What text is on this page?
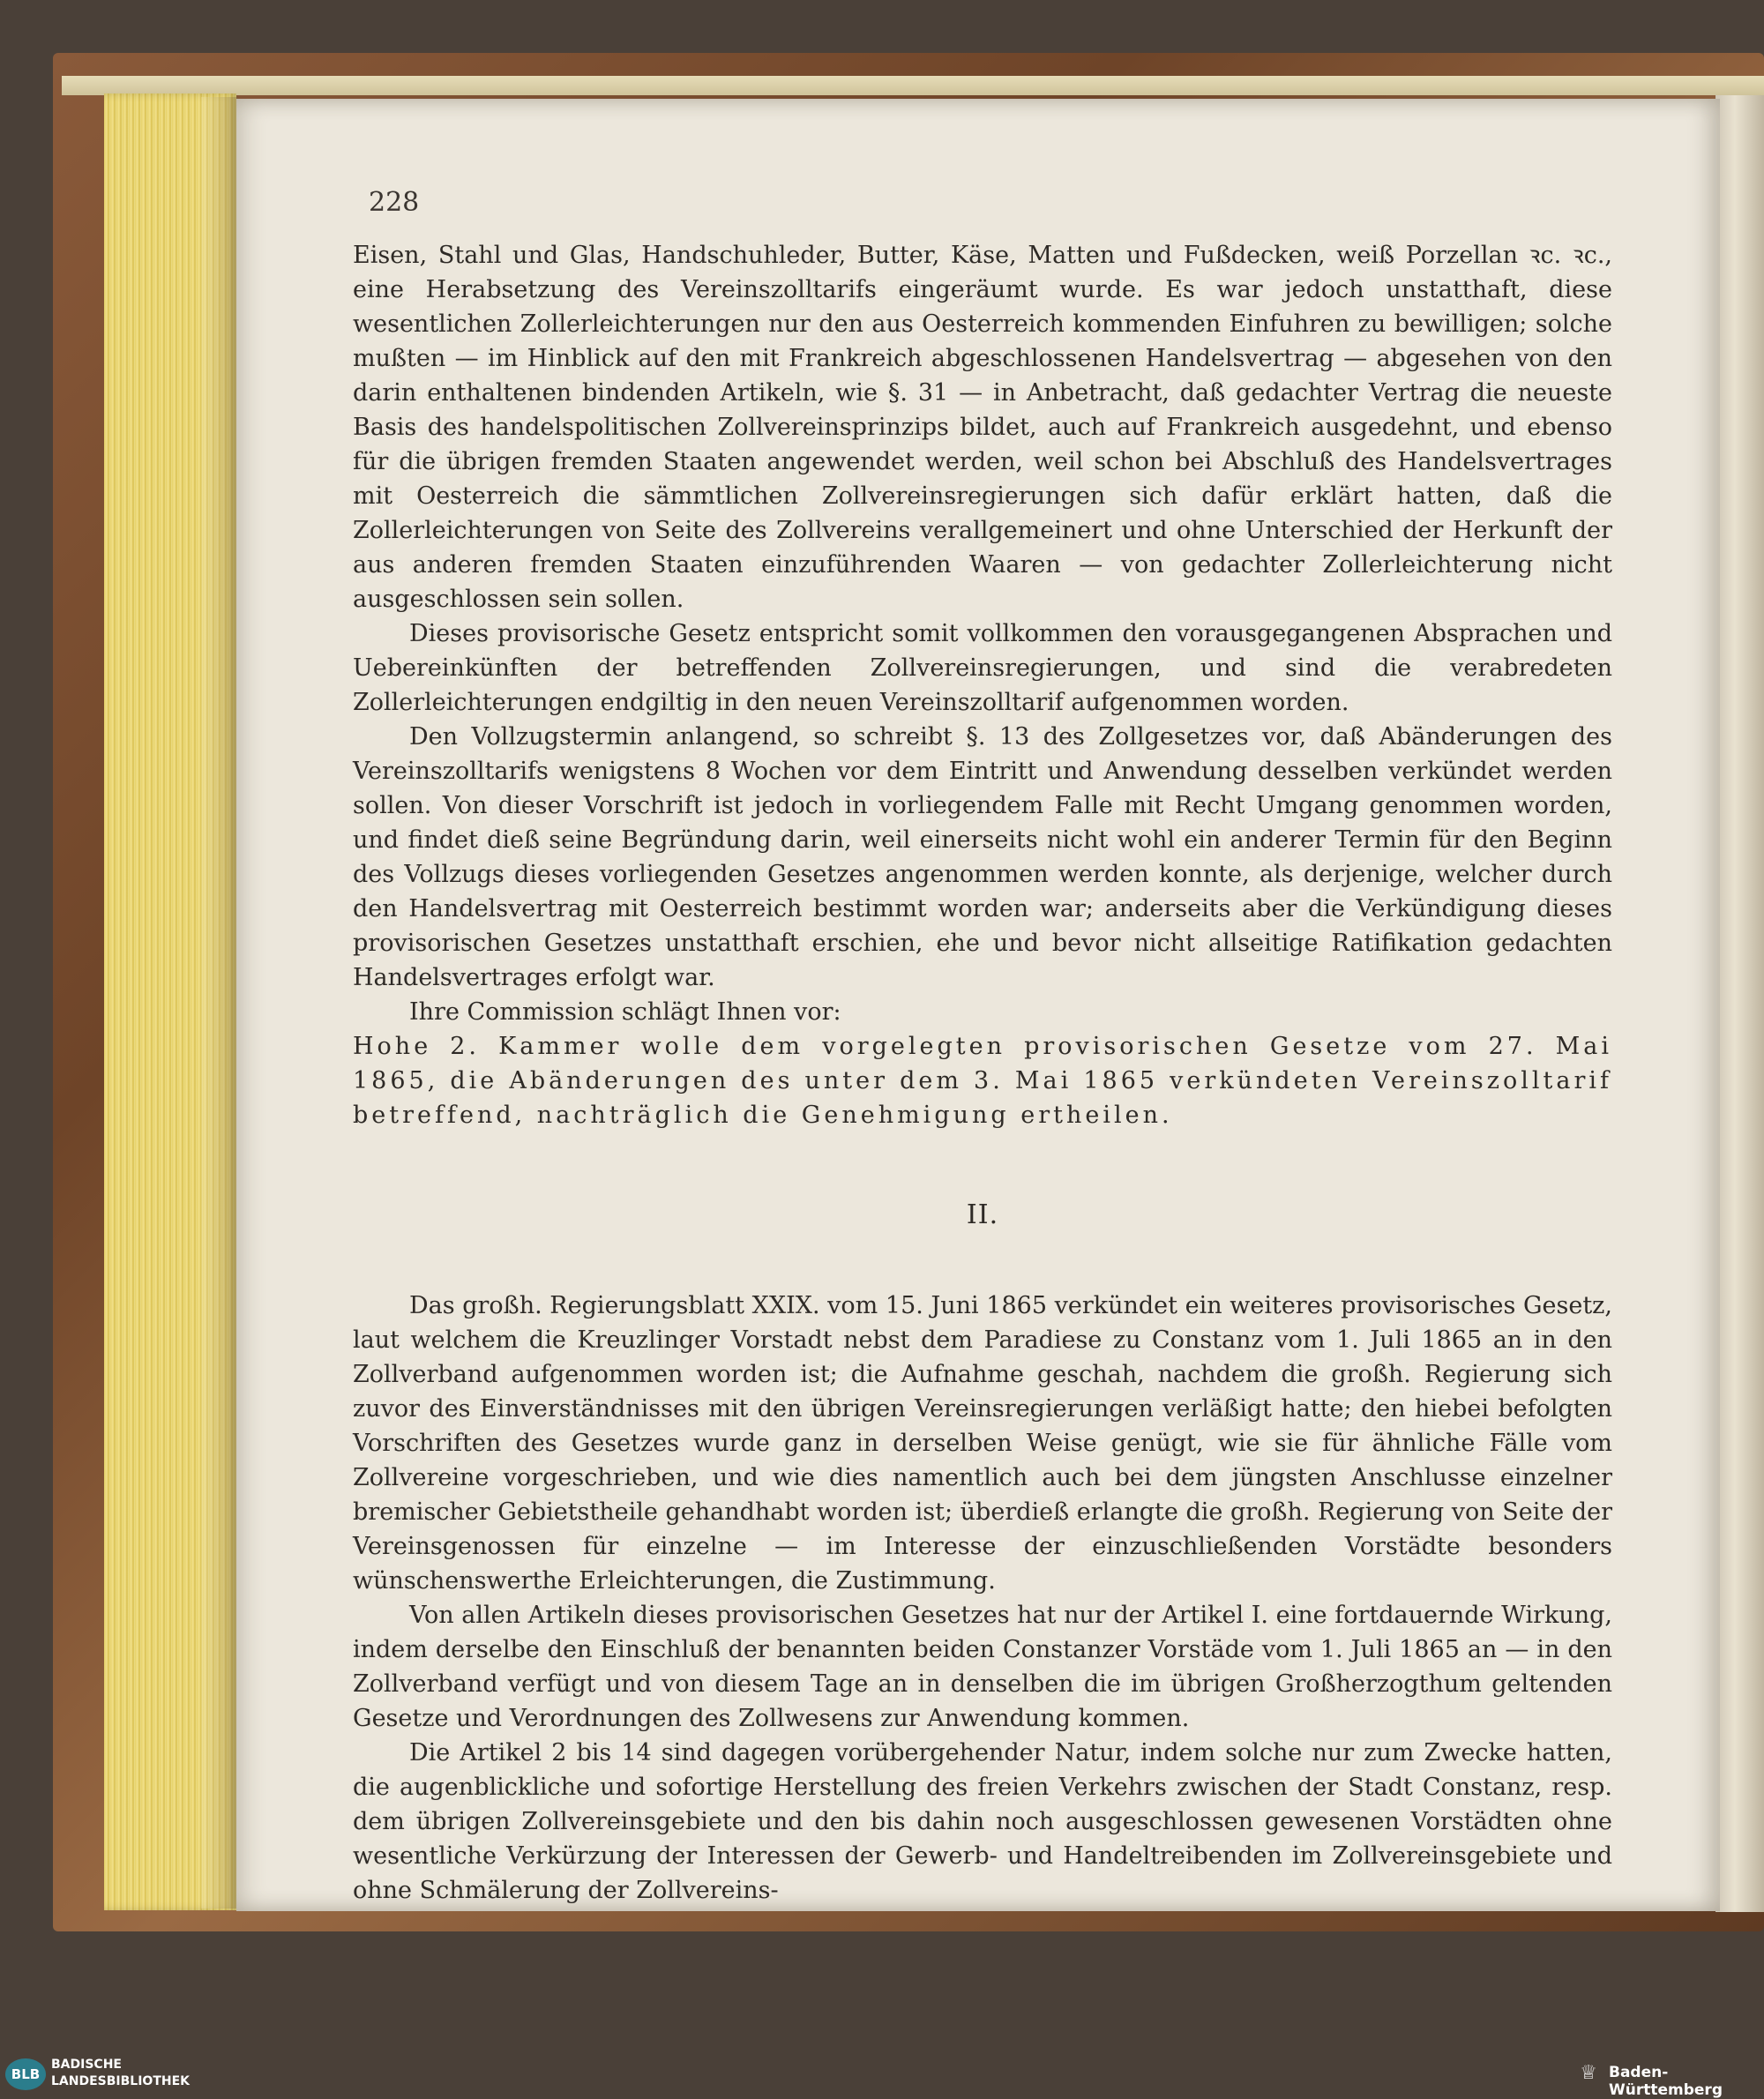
228

Eisen, Stahl und Glas, Handschuhleder, Butter, Käse, Matten und Fußdecken, weiß Porzellan ꝛc. ꝛc., eine Herabsetzung des Vereinszolltarifs eingeräumt wurde. Es war jedoch unstatthaft, diese wesentlichen Zollerleichterungen nur den aus Oesterreich kommenden Einfuhren zu bewilligen; solche mußten — im Hinblick auf den mit Frankreich abgeschlossenen Handelsvertrag — abgesehen von den darin enthaltenen bindenden Artikeln, wie §. 31 — in Anbetracht, daß gedachter Vertrag die neueste Basis des handelspolitischen Zollvereinsprinzips bildet, auch auf Frankreich ausgedehnt, und ebenso für die übrigen fremden Staaten angewendet werden, weil schon bei Abschluß des Handelsvertrages mit Oesterreich die sämmtlichen Zollvereinsregierungen sich dafür erklärt hatten, daß die Zollerleichterungen von Seite des Zollvereins verallgemeinert und ohne Unterschied der Herkunft der aus anderen fremden Staaten einzuführenden Waaren — von gedachter Zollerleichterung nicht ausgeschlossen sein sollen.

Dieses provisorische Gesetz entspricht somit vollkommen den vorausgegangenen Absprachen und Uebereinkünften der betreffenden Zollvereinsregierungen, und sind die verabredeten Zollerleichterungen endgiltig in den neuen Vereinszolltarif aufgenommen worden.

Den Vollzugstermin anlangend, so schreibt §. 13 des Zollgesetzes vor, daß Abänderungen des Vereinszolltarifs wenigstens 8 Wochen vor dem Eintritt und Anwendung desselben verkündet werden sollen. Von dieser Vorschrift ist jedoch in vorliegendem Falle mit Recht Umgang genommen worden, und findet dieß seine Begründung darin, weil einerseits nicht wohl ein anderer Termin für den Beginn des Vollzugs dieses vorliegenden Gesetzes angenommen werden konnte, als derjenige, welcher durch den Handelsvertrag mit Oesterreich bestimmt worden war; anderseits aber die Verkündigung dieses provisorischen Gesetzes unstatthaft erschien, ehe und bevor nicht allseitige Ratifikation gedachten Handelsvertrages erfolgt war.

Ihre Commission schlägt Ihnen vor:

Hohe 2. Kammer wolle dem vorgelegten provisorischen Gesetze vom 27. Mai 1865, die Abänderungen des unter dem 3. Mai 1865 verkündeten Vereinszolltarif betreffend, nachträglich die Genehmigung ertheilen.

II.

Das großh. Regierungsblatt XXIX. vom 15. Juni 1865 verkündet ein weiteres provisorisches Gesetz, laut welchem die Kreuzlinger Vorstadt nebst dem Paradiese zu Constanz vom 1. Juli 1865 an in den Zollverband aufgenommen worden ist; die Aufnahme geschah, nachdem die großh. Regierung sich zuvor des Einverständnisses mit den übrigen Vereinsregierungen verläßigt hatte; den hiebei befolgten Vorschriften des Gesetzes wurde ganz in derselben Weise genügt, wie sie für ähnliche Fälle vom Zollvereine vorgeschrieben, und wie dies namentlich auch bei dem jüngsten Anschlusse einzelner bremischer Gebietstheile gehandhabt worden ist; überdieß erlangte die großh. Regierung von Seite der Vereinsgenossen für einzelne — im Interesse der einzuschließenden Vorstädte besonders wünschenswerthe Erleichterungen, die Zustimmung.

Von allen Artikeln dieses provisorischen Gesetzes hat nur der Artikel I. eine fortdauernde Wirkung, indem derselbe den Einschluß der benannten beiden Constanzer Vorstäde vom 1. Juli 1865 an — in den Zollverband verfügt und von diesem Tage an in denselben die im übrigen Großherzogthum geltenden Gesetze und Verordnungen des Zollwesens zur Anwendung kommen.

Die Artikel 2 bis 14 sind dagegen vorübergehender Natur, indem solche nur zum Zwecke hatten, die augenblickliche und sofortige Herstellung des freien Verkehrs zwischen der Stadt Constanz, resp. dem übrigen Zollvereinsgebiete und den bis dahin noch ausgeschlossen gewesenen Vorstädten ohne wesentliche Verkürzung der Interessen der Gewerb- und Handeltreibenden im Zollvereinsgebiete und ohne Schmälerung der Zollvereins-

BLB
BADISCHE
LANDESBIBLIOTHEK	♕ Baden-Württemberg
